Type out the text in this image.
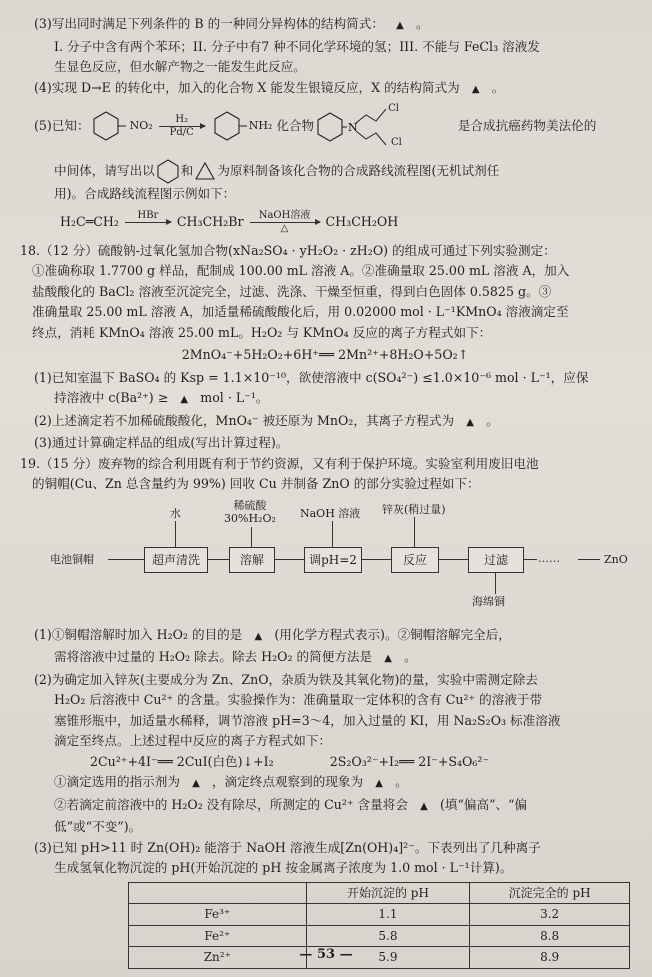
(3)写出同时满足下列条件的 B 的一种同分异构体的结构简式： ▲	。

I. 分子中含有两个苯环；II. 分子中有7 种不同化学环境的氢；III. 不能与 FeCl₃ 溶液发

生显色反应，但水解产物之一能发生此反应。

(4)实现 D→E 的转化中，加入的化合物 X 能发生银镜反应，X 的结构简式为 ▲	。

(5)已知：	NO₂ H₂
Pd/C
NH₂ 化合物	N
Cl
Cl
是合成抗癌药物美法伦的
中间体，请写出以 和 为原料制备该化合物的合成路线流程图(无机试剂任

用)。合成路线流程图示例如下：

H₂C═CH₂ HBr
CH₃CH₂Br NaOH溶液
△	CH₃CH₂OH

18.（12 分）硫酸钠-过氧化氢加合物(xNa₂SO₄ · yH₂O₂ · zH₂O) 的组成可通过下列实验测定：

①准确称取 1.7700 g 样品，配制成 100.00 mL 溶液 A。②准确量取 25.00 mL 溶液 A，加入

盐酸酸化的 BaCl₂ 溶液至沉淀完全，过滤、洗涤、干燥至恒重，得到白色固体 0.5825 g。③

准确量取 25.00 mL 溶液 A，加适量稀硫酸酸化后，用 0.02000 mol · L⁻¹KMnO₄ 溶液滴定至

终点，消耗 KMnO₄ 溶液 25.00 mL。H₂O₂ 与 KMnO₄ 反应的离子方程式如下：

2MnO₄⁻+5H₂O₂+6H⁺══ 2Mn²⁺+8H₂O+5O₂↑

(1)已知室温下 BaSO₄ 的 Ksp = 1.1×10⁻¹⁰，欲使溶液中 c(SO₄²⁻) ≤1.0×10⁻⁶ mol · L⁻¹，应保

持溶液中 c(Ba²⁺) ≥ ▲	mol · L⁻¹。

(2)上述滴定若不加稀硫酸酸化，MnO₄⁻ 被还原为 MnO₂，其离子方程式为 ▲	。

(3)通过计算确定样品的组成(写出计算过程)。

19.（15 分）废弃物的综合利用既有利于节约资源，又有利于保护环境。实验室利用废旧电池

的铜帽(Cu、Zn 总含量约为 99%) 回收 Cu 并制备 ZnO 的部分实验过程如下：

电池铜帽	超声清洗	溶解	调pH=2	反应	过滤	……	ZnO
水
稀硫酸
30%H₂O₂ NaOH 溶液 锌灰(稍过量)
海绵铜

(1)①铜帽溶解时加入 H₂O₂ 的目的是 ▲	(用化学方程式表示)。②铜帽溶解完全后，

需将溶液中过量的 H₂O₂ 除去。除去 H₂O₂ 的简便方法是 ▲	。

(2)为确定加入锌灰(主要成分为 Zn、ZnO，杂质为铁及其氧化物)的量，实验中需测定除去

H₂O₂ 后溶液中 Cu²⁺ 的含量。实验操作为：准确量取一定体积的含有 Cu²⁺ 的溶液于带

塞锥形瓶中，加适量水稀释，调节溶液 pH=3～4，加入过量的 KI，用 Na₂S₂O₃ 标准溶液

滴定至终点。上述过程中反应的离子方程式如下：

2Cu²⁺+4I⁻══ 2CuI(白色)↓+I₂	2S₂O₃²⁻+I₂══ 2I⁻+S₄O₆²⁻

①滴定选用的指示剂为 ▲	，滴定终点观察到的现象为 ▲	。

②若滴定前溶液中的 H₂O₂ 没有除尽，所测定的 Cu²⁺ 含量将会 ▲	(填“偏高”、“偏

低”或“不变”)。

(3)已知 pH>11 时 Zn(OH)₂ 能溶于 NaOH 溶液生成[Zn(OH)₄]²⁻。下表列出了几种离子

生成氢氧化物沉淀的 pH(开始沉淀的 pH 按金属离子浓度为 1.0 mol · L⁻¹计算)。

	开始沉淀的 pH	沉淀完全的 pH
Fe³⁺	1.1	3.2
Fe²⁺	5.8	8.8
Zn²⁺	5.9	8.9
— 53 —
